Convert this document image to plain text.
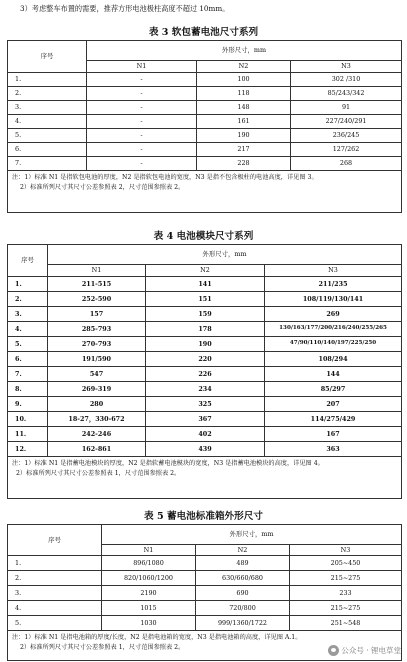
3）考虑整车布置的需要，推荐方形电池极柱高度不超过 10mm。
表 3 软包蓄电池尺寸系列
序号	外形尺寸，mm		
	N1	N2	N3
1.	-	100	302 /310
2.	-	118	85/243/342
3.	-	148	91
4.	-	161	227/240/291
5.	-	190	236/245
6.	-	217	127/262
7.	-	228	268

注：1）标准 N1 是指软包电池的厚度，N2 是指软包电池的宽度，N3 是指不包含极柱的电池高度，详见图 3。
2）标准所列尺寸其尺寸公差参照表 2，尺寸范围参照表 2。			
表 4 电池模块尺寸系列
序号	外形尺寸，mm		
	N1	N2	N3
1.	211-515	141	211/235
2.	252-590	151	108/119/130/141
3.	157	159	269
4.	285-793	178	130/163/177/200/216/240/255/265
5.	270-793	190	47/90/110/140/197/225/250
6.	191/590	220	108/294
7.	547	226	144
8.	269-319	234	85/297
9.	280	325	207
10.	18-27，330-672	367	114/275/429
11.	242-246	402	167
12.	162-861	439	363

注：1）标准 N1 是指蓄电池模块的厚度，N2 是指软蓄电池模块的宽度，N3 是指蓄电池模块的高度，详见图 4。
2）标准所列尺寸其尺寸公差参照表 1，尺寸范围参照表 2。			
表 5 蓄电池标准箱外形尺寸
序号	外形尺寸，mm		
	N1	N2	N3
1.	896/1080	489	205~450
2.	820/1060/1200	630/660/680	215~275
3.	2190	690	233
4.	1015	720/800	215~275
5.	1030	999/1360/1722	251~548

注：1）标准 N1 是指电池箱的厚度/长度，N2 是指电池箱的宽度，N3 是指电池箱的高度，详见图 A.1。
2）标准所列尺寸其尺寸公差参照表 1，尺寸范围参照表 2。				公众号 · 锂电草堂
